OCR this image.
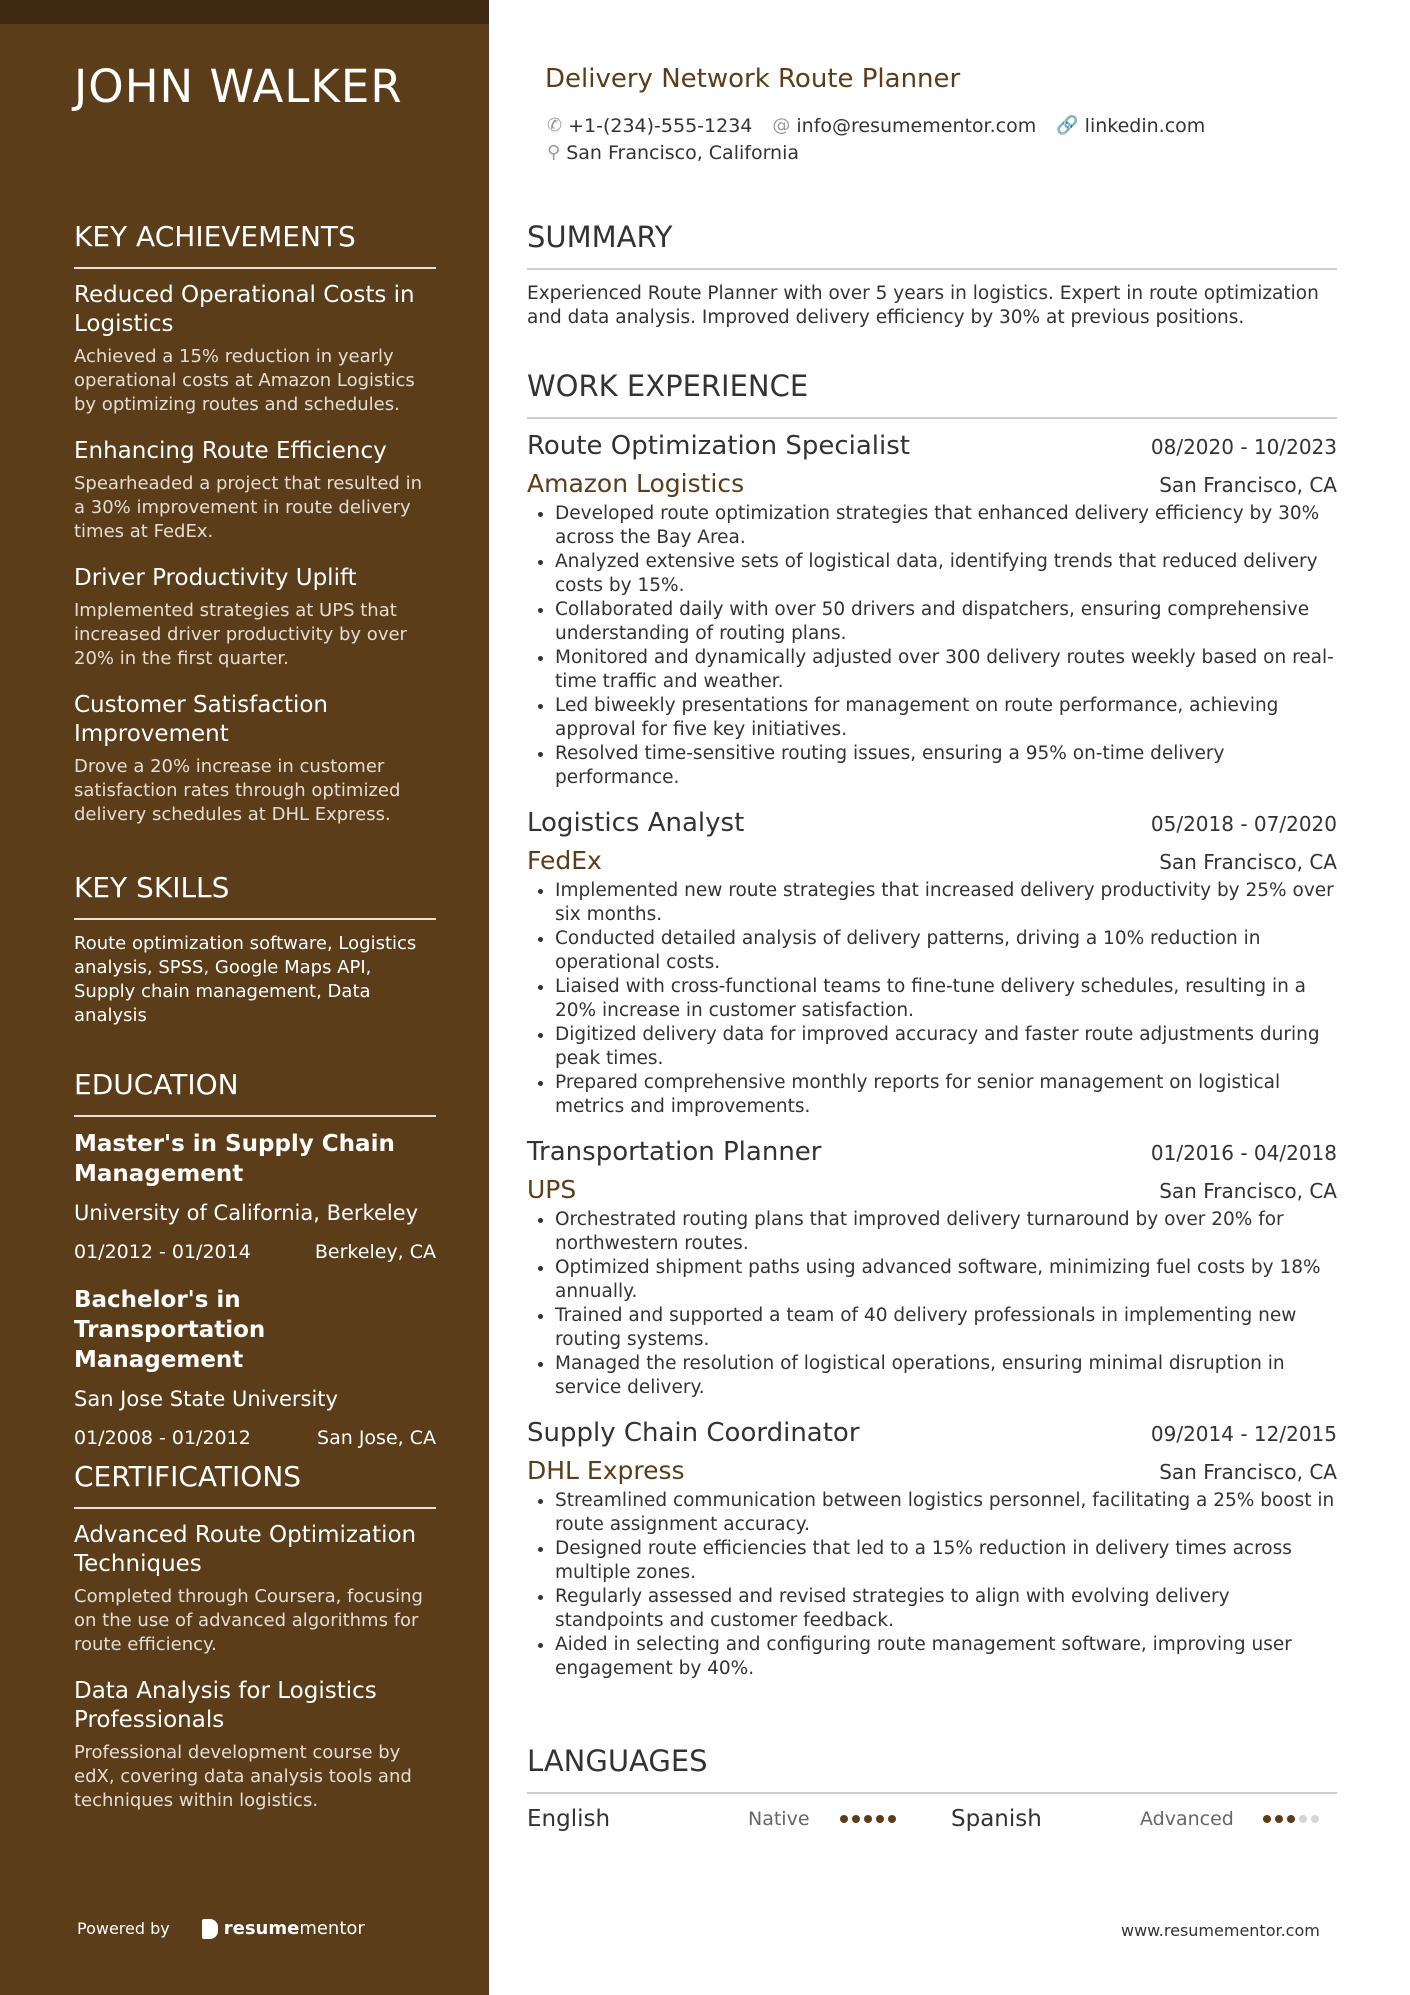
JOHN WALKER
KEY ACHIEVEMENTS
Reduced Operational Costs in Logistics
Achieved a 15% reduction in yearly operational costs at Amazon Logistics by optimizing routes and schedules.
Enhancing Route Efficiency
Spearheaded a project that resulted in a 30% improvement in route delivery times at FedEx.
Driver Productivity Uplift
Implemented strategies at UPS that increased driver productivity by over 20% in the first quarter.
Customer Satisfaction Improvement
Drove a 20% increase in customer satisfaction rates through optimized delivery schedules at DHL Express.
KEY SKILLS
Route optimization software, Logistics analysis, SPSS, Google Maps API, Supply chain management, Data analysis
EDUCATION
Master's in Supply Chain Management
University of California, Berkeley
01/2012 - 01/2014	Berkeley, CA
Bachelor's in Transportation Management
San Jose State University
01/2008 - 01/2012	San Jose, CA
CERTIFICATIONS
Advanced Route Optimization Techniques
Completed through Coursera, focusing on the use of advanced algorithms for route efficiency.
Data Analysis for Logistics Professionals
Professional development course by edX, covering data analysis tools and techniques within logistics.
Powered by	resumementor
Delivery Network Route Planner
✆ +1-(234)-555-1234 @ info@resumementor.com 🔗 linkedin.com
⚲ San Francisco, California
SUMMARY
Experienced Route Planner with over 5 years in logistics. Expert in route optimization and data analysis. Improved delivery efficiency by 30% at previous positions.
WORK EXPERIENCE
Route Optimization Specialist	08/2020 - 10/2023
Amazon Logistics	San Francisco, CA
• Developed route optimization strategies that enhanced delivery efficiency by 30% across the Bay Area.
• Analyzed extensive sets of logistical data, identifying trends that reduced delivery costs by 15%.
• Collaborated daily with over 50 drivers and dispatchers, ensuring comprehensive understanding of routing plans.
• Monitored and dynamically adjusted over 300 delivery routes weekly based on real-time traffic and weather.
• Led biweekly presentations for management on route performance, achieving approval for five key initiatives.
• Resolved time-sensitive routing issues, ensuring a 95% on-time delivery performance.
Logistics Analyst	05/2018 - 07/2020
FedEx	San Francisco, CA
• Implemented new route strategies that increased delivery productivity by 25% over six months.
• Conducted detailed analysis of delivery patterns, driving a 10% reduction in operational costs.
• Liaised with cross-functional teams to fine-tune delivery schedules, resulting in a 20% increase in customer satisfaction.
• Digitized delivery data for improved accuracy and faster route adjustments during peak times.
• Prepared comprehensive monthly reports for senior management on logistical metrics and improvements.
Transportation Planner	01/2016 - 04/2018
UPS	San Francisco, CA
• Orchestrated routing plans that improved delivery turnaround by over 20% for northwestern routes.
• Optimized shipment paths using advanced software, minimizing fuel costs by 18% annually.
• Trained and supported a team of 40 delivery professionals in implementing new routing systems.
• Managed the resolution of logistical operations, ensuring minimal disruption in service delivery.
Supply Chain Coordinator	09/2014 - 12/2015
DHL Express	San Francisco, CA
• Streamlined communication between logistics personnel, facilitating a 25% boost in route assignment accuracy.
• Designed route efficiencies that led to a 15% reduction in delivery times across multiple zones.
• Regularly assessed and revised strategies to align with evolving delivery standpoints and customer feedback.
• Aided in selecting and configuring route management software, improving user engagement by 40%.
LANGUAGES
English	Native	Spanish	Advanced
www.resumementor.com
